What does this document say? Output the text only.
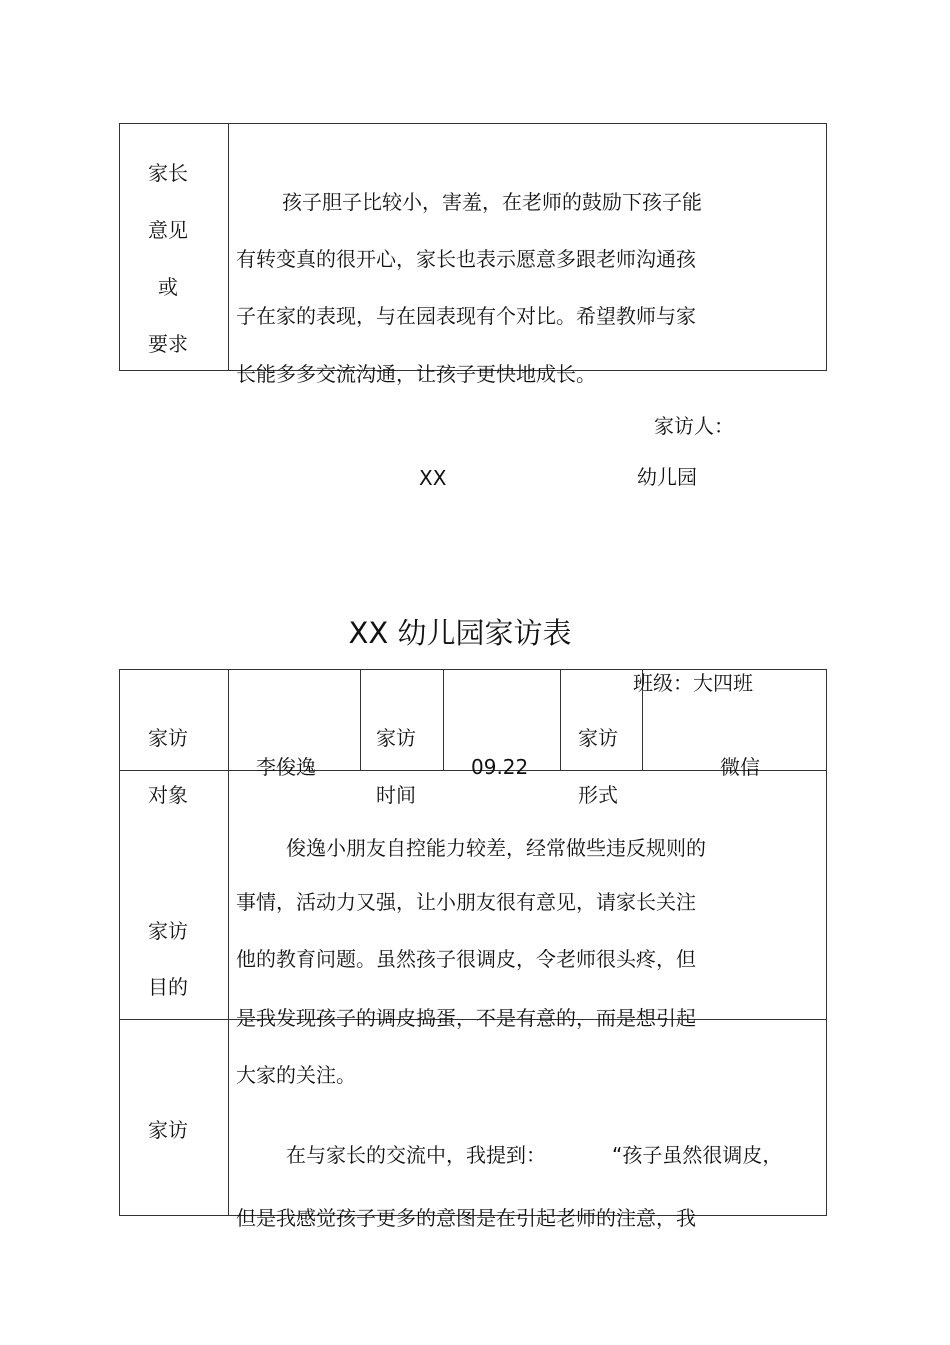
家长
意见
或
要求
孩子胆子比较小，害羞，在老师的鼓励下孩子能
有转变真的很开心，家长也表示愿意多跟老师沟通孩
子在家的表现，与在园表现有个对比。希望教师与家
长能多多交流沟通，让孩子更快地成长。
家访人：
XX	幼儿园
XX 幼儿园家访表
班级：大四班
家访
对象
李俊逸
家访
时间
09.22
家访
形式
微信
家访
目的
俊逸小朋友自控能力较差，经常做些违反规则的
事情，活动力又强，让小朋友很有意见，请家长关注
他的教育问题。虽然孩子很调皮，令老师很头疼，但
是我发现孩子的调皮捣蛋，不是有意的，而是想引起
大家的关注。
家访
在与家长的交流中，我提到：	“孩子虽然很调皮，
但是我感觉孩子更多的意图是在引起老师的注意，我
